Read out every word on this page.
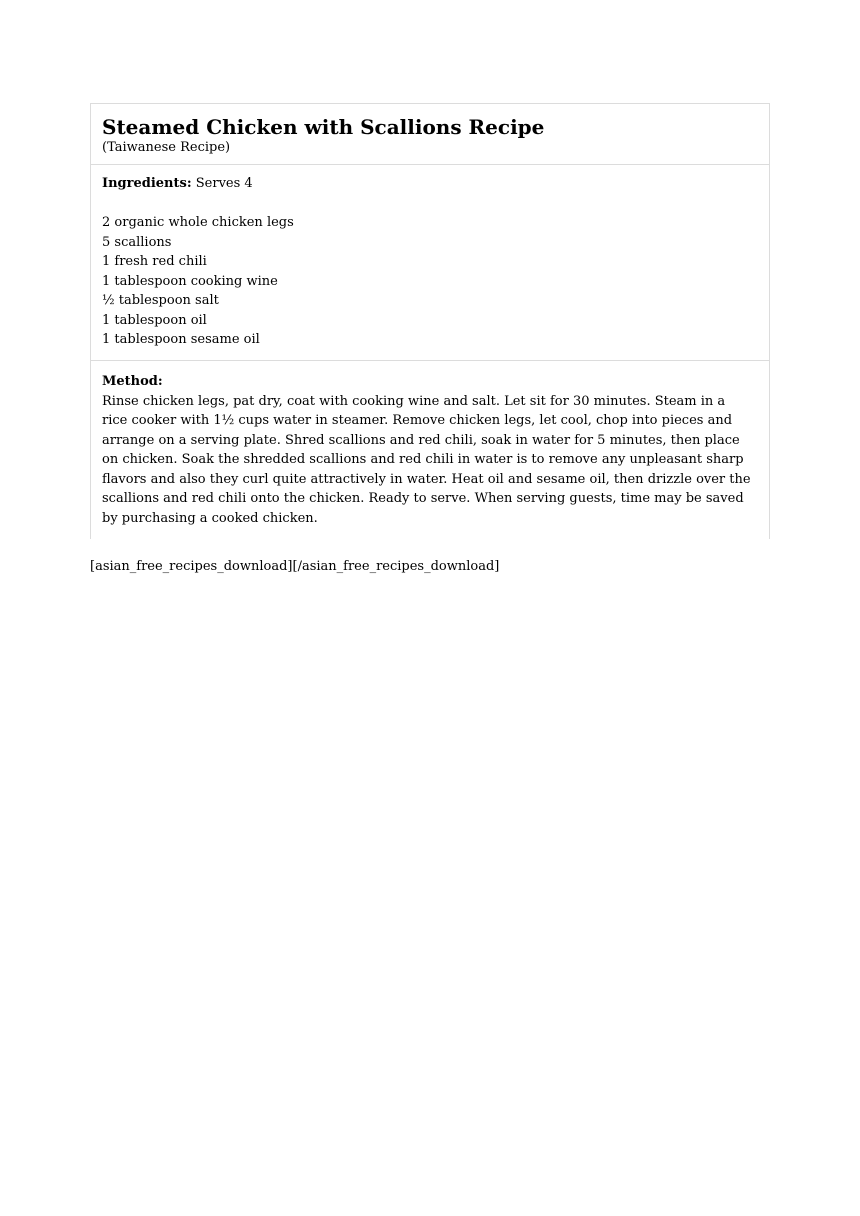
Steamed Chicken with Scallions Recipe

(Taiwanese Recipe)

Ingredients: Serves 4

2 organic whole chicken legs
5 scallions
1 fresh red chili
1 tablespoon cooking wine
½ tablespoon salt
1 tablespoon oil
1 tablespoon sesame oil

Method:

Rinse chicken legs, pat dry, coat with cooking wine and salt. Let sit for 30 minutes. Steam in a
rice cooker with 1½ cups water in steamer. Remove chicken legs, let cool, chop into pieces and
arrange on a serving plate. Shred scallions and red chili, soak in water for 5 minutes, then place
on chicken. Soak the shredded scallions and red chili in water is to remove any unpleasant sharp
flavors and also they curl quite attractively in water. Heat oil and sesame oil, then drizzle over the
scallions and red chili onto the chicken. Ready to serve. When serving guests, time may be saved
by purchasing a cooked chicken.

[asian_free_recipes_download][/asian_free_recipes_download]
